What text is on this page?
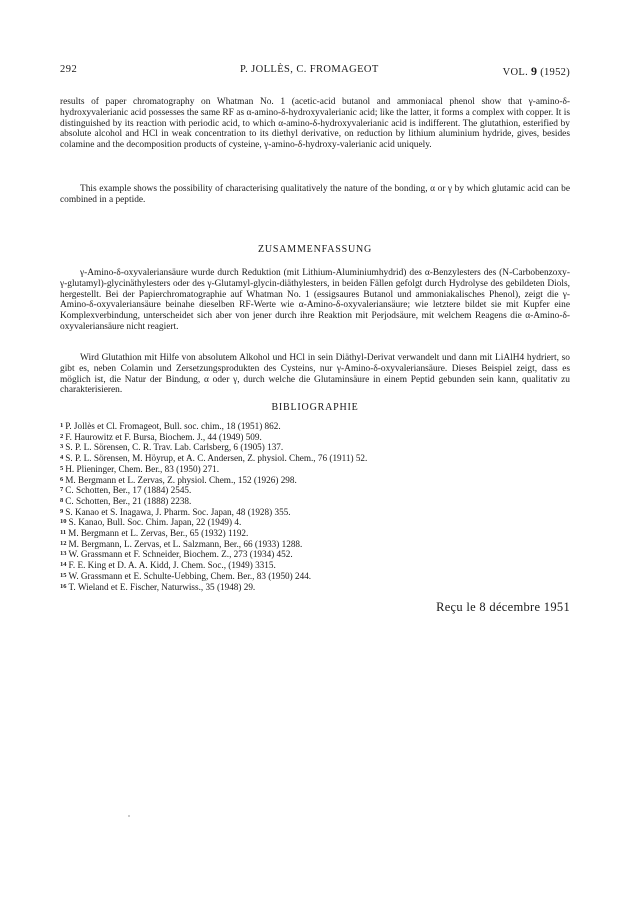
292	P. JOLLÈS, C. FROMAGEOT	VOL. 9 (1952)
results of paper chromatography on Whatman No. 1 (acetic-acid butanol and ammoniacal phenol show that γ-amino-δ-hydroxyvalerianic acid possesses the same RF as α-amino-δ-hydroxyvalerianic acid; like the latter, it forms a complex with copper. It is distinguished by its reaction with periodic acid, to which α-amino-δ-hydroxyvalerianic acid is indifferent. The glutathion, esterified by absolute alcohol and HCl in weak concentration to its diethyl derivative, on reduction by lithium aluminium hydride, gives, besides colamine and the decomposition products of cysteine, γ-amino-δ-hydroxy-valerianic acid uniquely.
This example shows the possibility of characterising qualitatively the nature of the bonding, α or γ by which glutamic acid can be combined in a peptide.
ZUSAMMENFASSUNG
γ-Amino-δ-oxyvaleriansäure wurde durch Reduktion (mit Lithium-Aluminiumhydrid) des α-Benzylesters des (N-Carbobenzoxy-γ-glutamyl)-glycinäthylesters oder des γ-Glutamyl-glycin-diäthylesters, in beiden Fällen gefolgt durch Hydrolyse des gebildeten Diols, hergestellt. Bei der Papierchromatographie auf Whatman No. 1 (essigsaures Butanol und ammoniakalisches Phenol), zeigt die γ-Amino-δ-oxyvaleriansäure beinahe dieselben RF-Werte wie α-Amino-δ-oxyvaleriansäure; wie letztere bildet sie mit Kupfer eine Komplexverbindung, unterscheidet sich aber von jener durch ihre Reaktion mit Perjodsäure, mit welchem Reagens die α-Amino-δ-oxyvaleriansäure nicht reagiert.
Wird Glutathion mit Hilfe von absolutem Alkohol und HCl in sein Diäthyl-Derivat verwandelt und dann mit LiAlH4 hydriert, so gibt es, neben Colamin und Zersetzungsprodukten des Cysteins, nur γ-Amino-δ-oxyvaleriansäure. Dieses Beispiel zeigt, dass es möglich ist, die Natur der Bindung, α oder γ, durch welche die Glutaminsäure in einem Peptid gebunden sein kann, qualitativ zu charakterisieren.
BIBLIOGRAPHIE
$^1$ P. Jollès et Cl. Fromageot, Bull. soc. chim., 18 (1951) 862.
$^2$ F. Haurowitz et F. Bursa, Biochem. J., 44 (1949) 509.
$^3$ S. P. L. Sörensen, C. R. Trav. Lab. Carlsberg, 6 (1905) 137.
$^4$ S. P. L. Sörensen, M. Höyrup, et A. C. Andersen, Z. physiol. Chem., 76 (1911) 52.
$^5$ H. Plieninger, Chem. Ber., 83 (1950) 271.
$^6$ M. Bergmann et L. Zervas, Z. physiol. Chem., 152 (1926) 298.
$^7$ C. Schotten, Ber., 17 (1884) 2545.
$^8$ C. Schotten, Ber., 21 (1888) 2238.
$^9$ S. Kanao et S. Inagawa, J. Pharm. Soc. Japan, 48 (1928) 355.
$^{10}$ S. Kanao, Bull. Soc. Chim. Japan, 22 (1949) 4.
$^{11}$ M. Bergmann et L. Zervas, Ber., 65 (1932) 1192.
$^{12}$ M. Bergmann, L. Zervas, et L. Salzmann, Ber., 66 (1933) 1288.
$^{13}$ W. Grassmann et F. Schneider, Biochem. Z., 273 (1934) 452.
$^{14}$ F. E. King et D. A. A. Kidd, J. Chem. Soc., (1949) 3315.
$^{15}$ W. Grassmann et E. Schulte-Uebbing, Chem. Ber., 83 (1950) 244.
$^{16}$ T. Wieland et E. Fischer, Naturwiss., 35 (1948) 29.
Reçu le 8 décembre 1951
